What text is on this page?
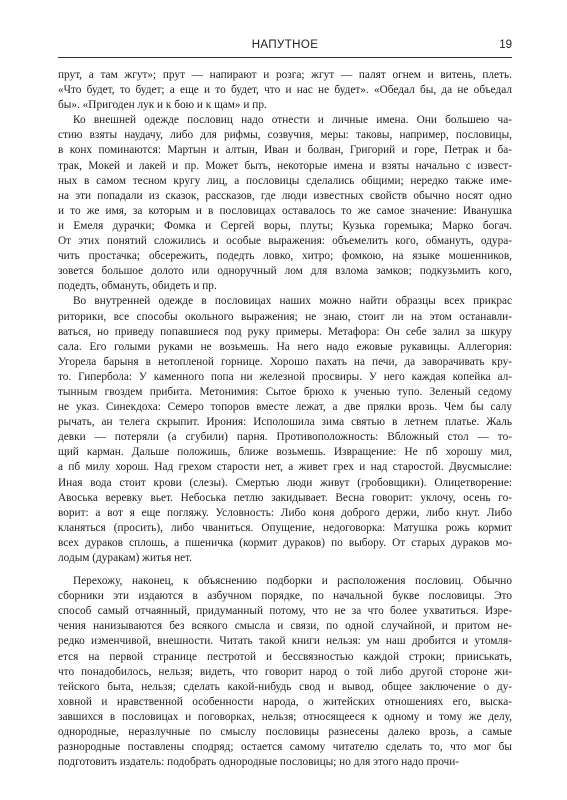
НАПУТНОЕ	19
прут, а там жгут»; прут — напирают и розга; жгут — палят огнем и витень, плеть.
«Что будет, то будет; а еще и то будет, что и нас не будет». «Обедал бы, да не объедал
бы». «Пригоден лук и к бою и к щам» и пр.
Ко внешней одежде пословиц надо отнести и личные имена. Они большею ча-
стию взяты наудачу, либо для рифмы, созвучия, меры: таковы, например, пословицы,
в конх поминаются: Мартын и алтын, Иван и болван, Григорий и горе, Петрак и ба-
трак, Мокей и лакей и пр. Может быть, некоторые имена и взяты начально с извест-
ных в самом тесном кругу лиц, а пословицы сделались общими; нередко также име-
на эти попадали из сказок, рассказов, где люди известных свойств обычно носят одно
и то же имя, за которым и в пословицах оставалось то же самое значение: Иванушка
и Емеля дурачки; Фомка и Сергей воры, плуты; Кузька горемыка; Марко богач.
От этих понятий сложились и особые выражения: объемелить кого, обмануть, одура-
чить простачка; обсережить, подедть ловко, хитро; фомкою, на языке мошенников,
зовется большое долото или одноручный лом для взлома замков; подкузьмить кого,
подедть, обмануть, обидеть и пр.
Во внутренней одежде в пословицах наших можно найти образцы всех прикрас
риторики, все способы окольного выражения; не знаю, стоит ли на этом останавли-
ваться, но приведу попавшиеся под руку примеры. Метафора: Он себе залил за шкуру
сала. Его голыми руками не возьмешь. На него надо ежовые рукавицы. Аллегория:
Угорела барыня в нетопленой горнице. Хорошо пахать на печи, да заворачивать кру-
то. Гипербола: У каменного попа ни железной просвиры. У него каждая копейка ал-
тынным гвоздем прибита. Метонимия: Сытое брюхо к ученью тупо. Зеленый седому
не указ. Синекдоха: Семеро топоров вместе лежат, а две прялки врозь. Чем бы салу
рычать, ан телега скрыпит. Ирония: Исполошила зима святью в летнем платье. Жаль
девки — потеряли (а сгубили) парня. Противоположность: Вбложный стол — то-
щий карман. Дальше положишь, ближе возьмешь. Извращение: Не пб хорошу мил,
а пб милу хорош. Над грехом старости нет, а живет грех и над старостой. Двусмыслие:
Иная вода стоит крови (слезы). Смертью люди живут (гробовщики). Олицетворение:
Авоська веревку вьет. Небоська петлю закидывает. Весна говорит: уклочу, осень го-
ворит: а вот я еще погляжу. Условность: Либо коня доброго держи, либо кнут. Либо
кланяться (просить), либо чваниться. Опущение, недоговорка: Матушка рожь кормит
всех дураков сплошь, а пшеничка (кормит дураков) по выбору. От старых дураков мо-
лодым (дуракам) житья нет.
Перехожу, наконец, к объяснению подборки и расположения пословиц. Обычно
сборники эти издаются в азбучном порядке, по начальной букве пословицы. Это
способ самый отчаянный, придуманный потому, что не за что более ухватиться. Изре-
чения нанизываются без всякого смысла и связи, по одной случайной, и притом не-
редко изменчивой, внешности. Читать такой книги нельзя: ум наш дробится и утомля-
ется на первой странице пестротой и бессвязностью каждой строки; прииськать,
что понадобилось, нельзя; видеть, что говорит народ о той либо другой стороне жи-
тейского быта, нельзя; сделать какой-нибудь свод и вывод, общее заключение о ду-
ховной и нравственной особенности народа, о житейских отношениях его, выска-
завшихся в пословицах и поговорках, нельзя; относящееся к одному и тому же делу,
однородные, неразлучные по смыслу пословицы разнесены далеко врозь, а самые
разнородные поставлены сподряд; остается самому читателю сделать то, что мог бы
подготовить издатель: подобрать однородные пословицы; но для этого надо прочи-
